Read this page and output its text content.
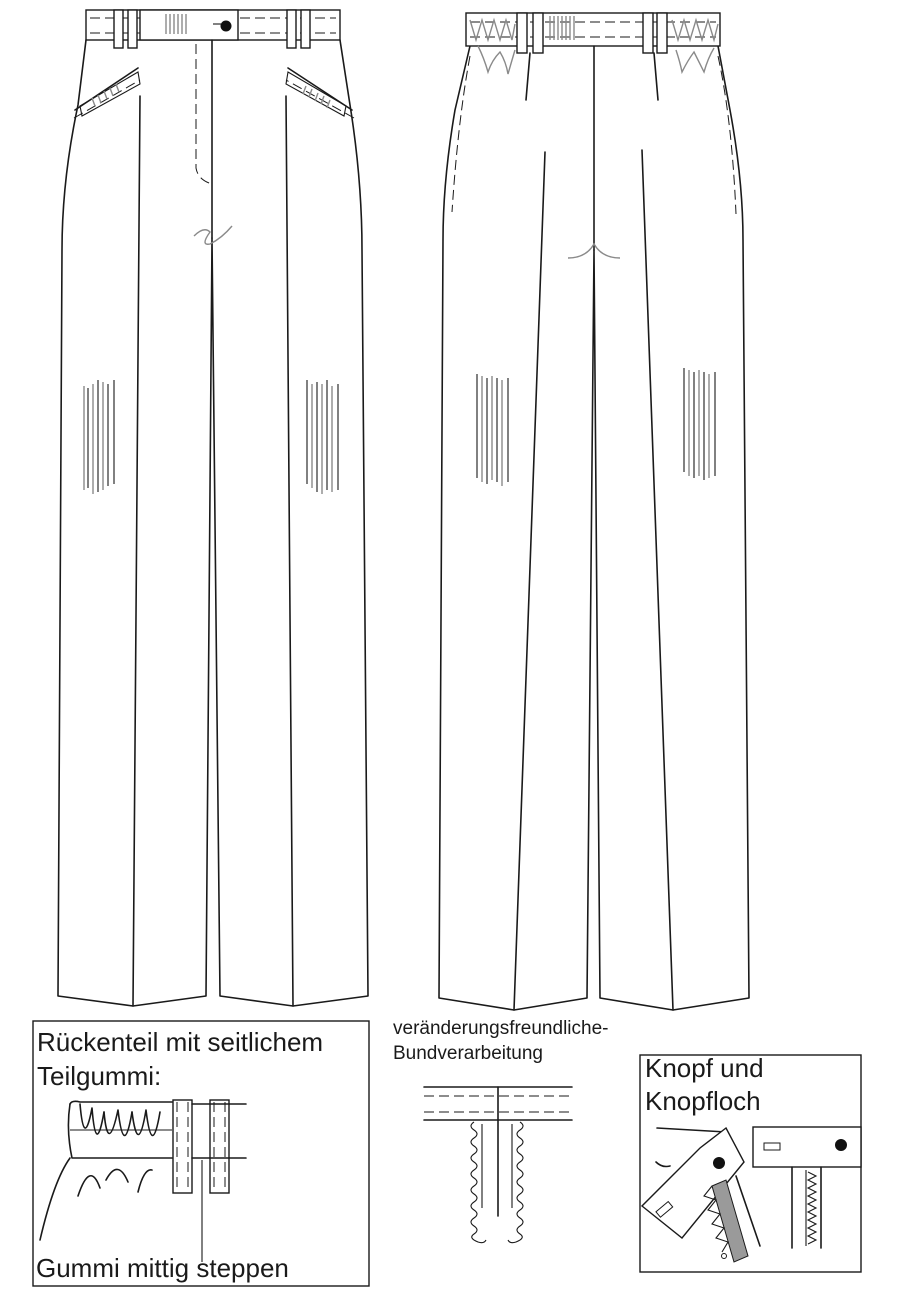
Rückenteil mit seitlichem
Teilgummi:
Gummi mittig steppen
veränderungsfreundliche-
Bundverarbeitung	Knopf und
Knopfloch
